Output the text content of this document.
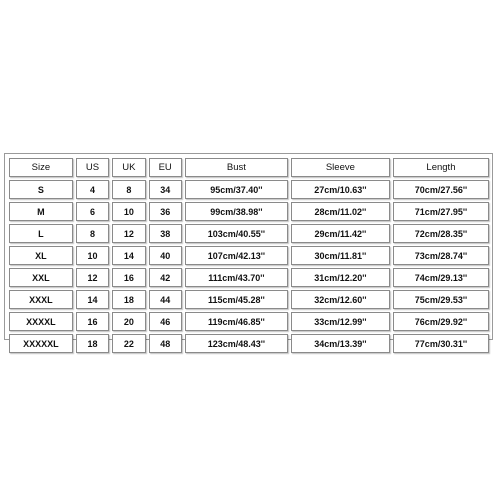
Size	US	UK	EU	Bust	Sleeve	Length
S	4	8	34	95cm/37.40''	27cm/10.63''	70cm/27.56''
M	6	10	36	99cm/38.98''	28cm/11.02''	71cm/27.95''
L	8	12	38	103cm/40.55''	29cm/11.42''	72cm/28.35''
XL	10	14	40	107cm/42.13''	30cm/11.81''	73cm/28.74''
XXL	12	16	42	111cm/43.70''	31cm/12.20''	74cm/29.13''
XXXL	14	18	44	115cm/45.28''	32cm/12.60''	75cm/29.53''
XXXXL	16	20	46	119cm/46.85''	33cm/12.99''	76cm/29.92''
XXXXXL	18	22	48	123cm/48.43''	34cm/13.39''	77cm/30.31''
